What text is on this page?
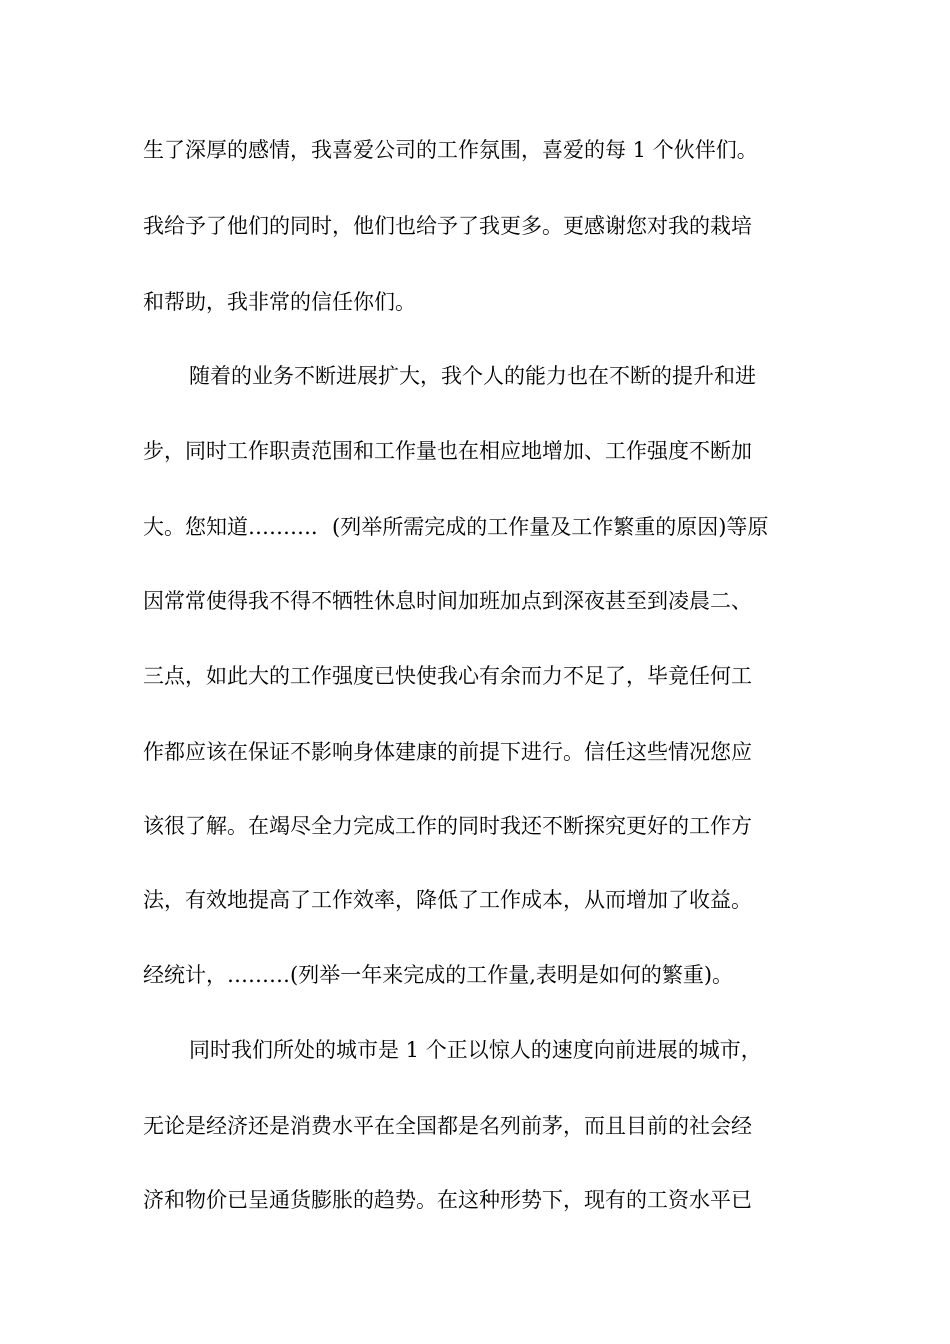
生了深厚的感情，我喜爱公司的工作氛围，喜爱的每 1 个伙伴们。
我给予了他们的同时，他们也给予了我更多。更感谢您对我的栽培
和帮助，我非常的信任你们。
随着的业务不断进展扩大，我个人的能力也在不断的提升和进
步，同时工作职责范围和工作量也在相应地增加、工作强度不断加
大。您知道………．(列举所需完成的工作量及工作繁重的原因)等原
因常常使得我不得不牺牲休息时间加班加点到深夜甚至到凌晨二、
三点，如此大的工作强度已快使我心有余而力不足了，毕竟任何工
作都应该在保证不影响身体建康的前提下进行。信任这些情况您应
该很了解。在竭尽全力完成工作的同时我还不断探究更好的工作方
法，有效地提高了工作效率，降低了工作成本，从而增加了收益。
经统计，………(列举一年来完成的工作量,表明是如何的繁重)。
同时我们所处的城市是 1 个正以惊人的速度向前进展的城市，
无论是经济还是消费水平在全国都是名列前茅，而且目前的社会经
济和物价已呈通货膨胀的趋势。在这种形势下，现有的工资水平已
